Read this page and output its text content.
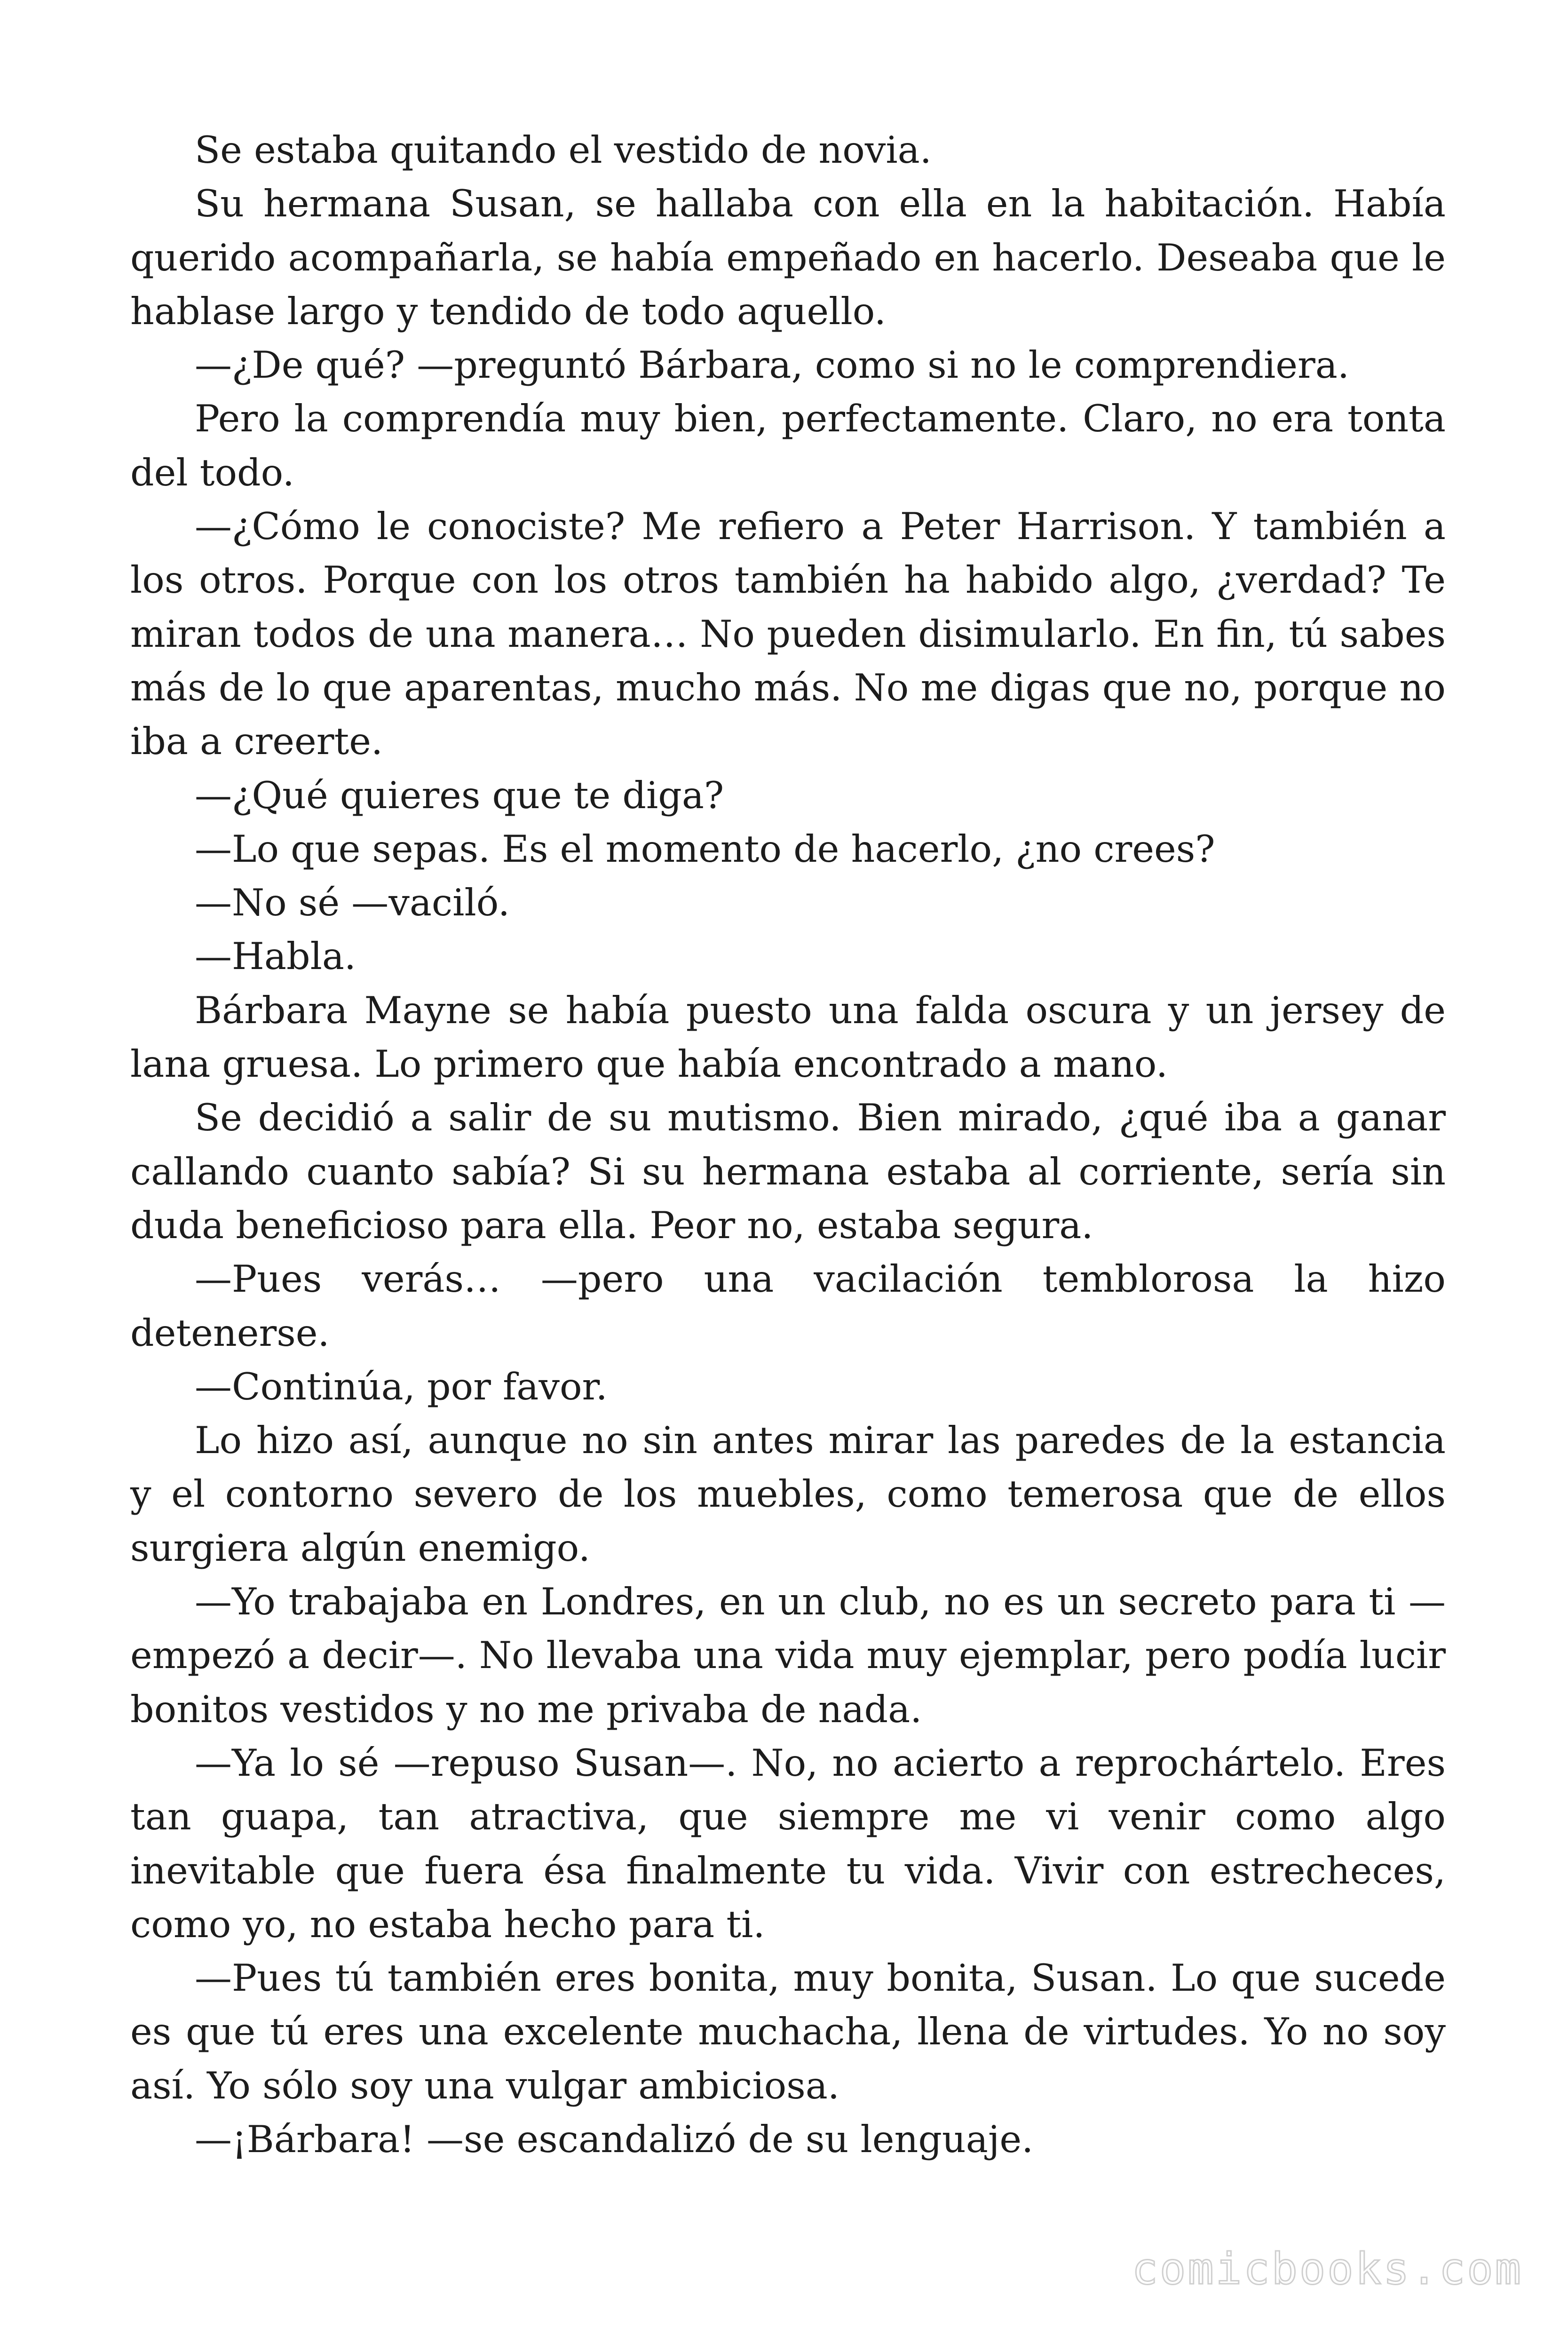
Se estaba quitando el vestido de novia.

Su hermana Susan, se hallaba con ella en la habitación. Había querido acompañarla, se había empeñado en hacerlo. Deseaba que le hablase largo y tendido de todo aquello.

—¿De qué? —preguntó Bárbara, como si no le comprendiera.

Pero la comprendía muy bien, perfectamente. Claro, no era tonta del todo.

—¿Cómo le conociste? Me refiero a Peter Harrison. Y también a los otros. Porque con los otros también ha habido algo, ¿verdad? Te miran todos de una manera… No pueden disimularlo. En fin, tú sabes más de lo que aparentas, mucho más. No me digas que no, porque no iba a creerte.

—¿Qué quieres que te diga?

—Lo que sepas. Es el momento de hacerlo, ¿no crees?

—No sé —vaciló.

—Habla.

Bárbara Mayne se había puesto una falda oscura y un jersey de lana gruesa. Lo primero que había encontrado a mano.

Se decidió a salir de su mutismo. Bien mirado, ¿qué iba a ganar callando cuanto sabía? Si su hermana estaba al corriente, sería sin duda beneficioso para ella. Peor no, estaba segura.

—Pues verás… —pero una vacilación temblorosa la hizo detenerse.

—Continúa, por favor.

Lo hizo así, aunque no sin antes mirar las paredes de la estancia y el contorno severo de los muebles, como temerosa que de ellos surgiera algún enemigo.

—Yo trabajaba en Londres, en un club, no es un secreto para ti —empezó a decir—. No llevaba una vida muy ejemplar, pero podía lucir bonitos vestidos y no me privaba de nada.

—Ya lo sé —repuso Susan—. No, no acierto a reprochártelo. Eres tan guapa, tan atractiva, que siempre me vi venir como algo inevitable que fuera ésa finalmente tu vida. Vivir con estrecheces, como yo, no estaba hecho para ti.

—Pues tú también eres bonita, muy bonita, Susan. Lo que sucede es que tú eres una excelente muchacha, llena de virtudes. Yo no soy así. Yo sólo soy una vulgar ambiciosa.

—¡Bárbara! —se escandalizó de su lenguaje.

comicbooks.com
